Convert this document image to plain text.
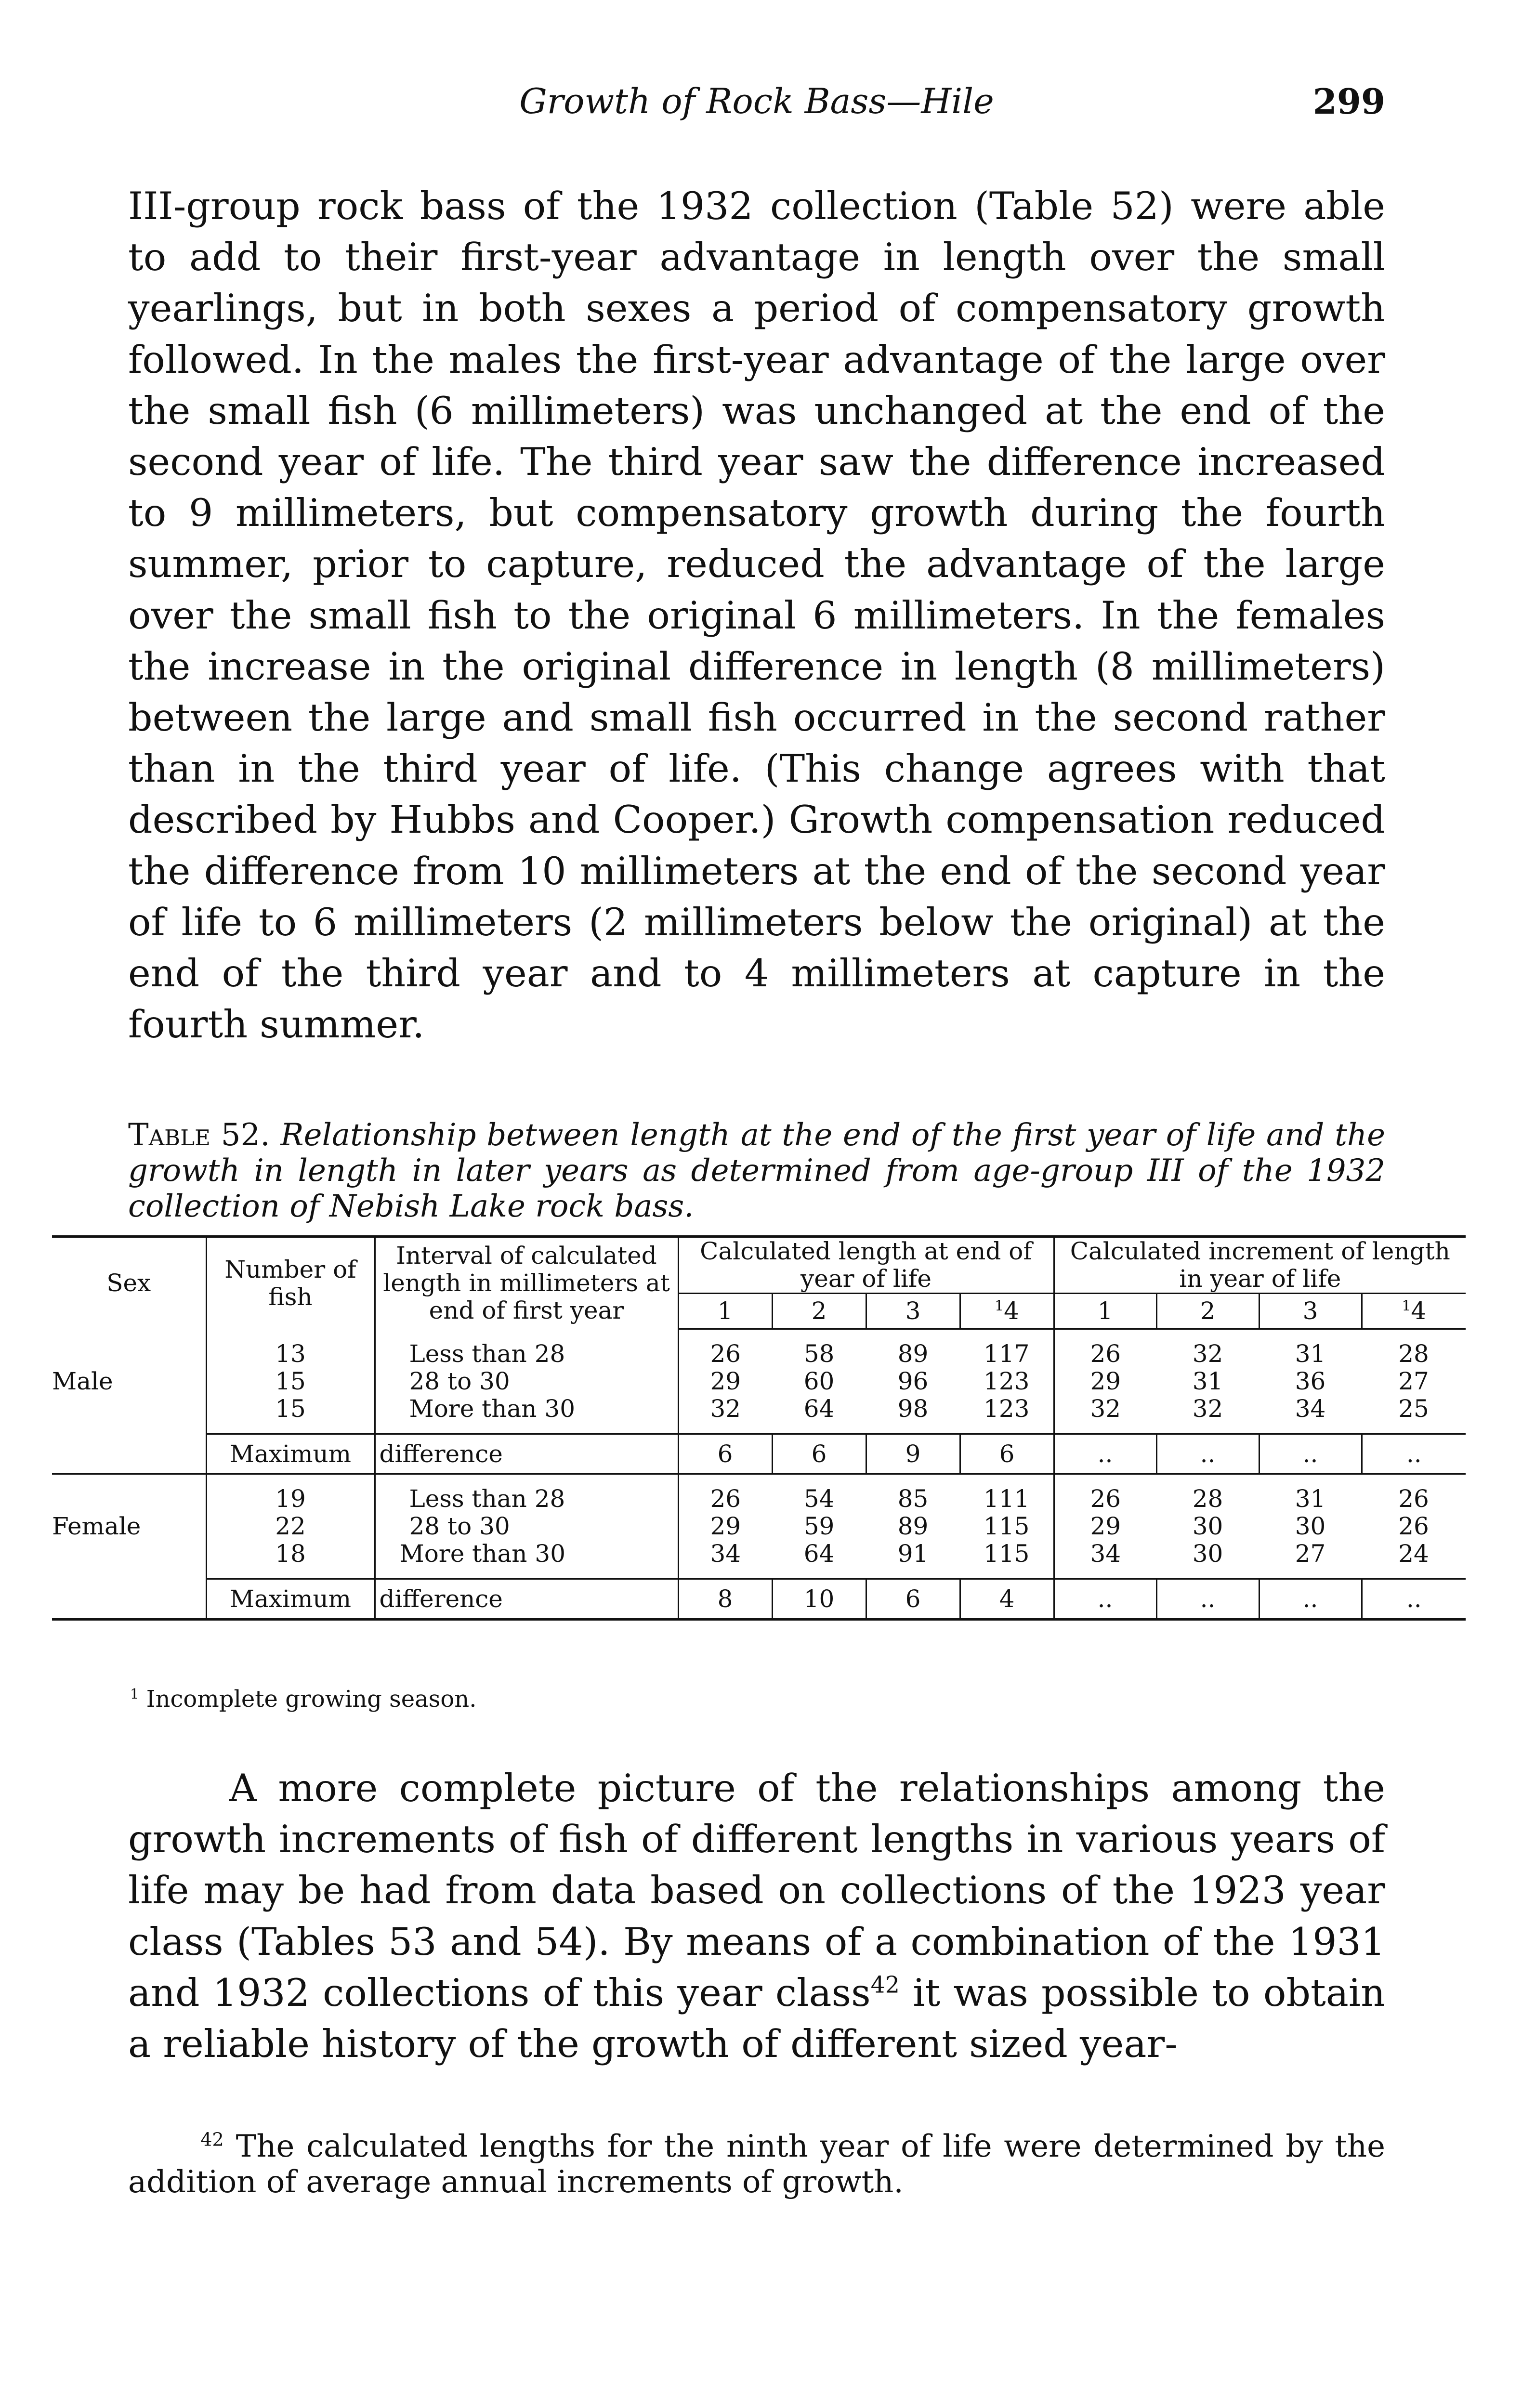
Growth of Rock Bass—Hile	299

III-group rock bass of the 1932 collection (Table 52) were able to add to their first-year advantage in length over the small yearlings, but in both sexes a period of compensatory growth followed. In the males the first-year advantage of the large over the small fish (6 millimeters) was unchanged at the end of the second year of life. The third year saw the difference increased to 9 millimeters, but compensatory growth during the fourth summer, prior to capture, reduced the advantage of the large over the small fish to the original 6 millimeters. In the females the increase in the original difference in length (8 millimeters) between the large and small fish occurred in the second rather than in the third year of life. (This change agrees with that described by Hubbs and Cooper.) Growth compensation reduced the difference from 10 millimeters at the end of the second year of life to 6 millimeters (2 millimeters below the original) at the end of the third year and to 4 millimeters at capture in the fourth summer.

Table 52. Relationship between length at the end of the first year of life and the growth in length in later years as determined from age-group III of the 1932 collection of Nebish Lake rock bass.
Sex	Number of fish	Interval of calculated length in millimeters at end of first year	Calculated length at end of year of life				Calculated increment of length in year of life			
			1	2	3	$^1$4	1	2	3	$^1$4

	13	Less than 28	26	58	89	117	26	32	31	28
Male	15	28 to 30	29	60	96	123	29	31	36	27
	15	More than 30	32	64	98	123	32	32	34	25

	Maximum	difference	6	6	9	6	..	..	..	..

	19	Less than 28	26	54	85	111	26	28	31	26
Female	22	28 to 30	29	59	89	115	29	30	30	26
	18	More than 30	34	64	91	115	34	30	27	24

	Maximum	difference	8	10	6	4	..	..	..	..
$^1$ Incomplete growing season.

A more complete picture of the relationships among the growth increments of fish of different lengths in various years of life may be had from data based on collections of the 1923 year class (Tables 53 and 54). By means of a combination of the 1931 and 1932 collections of this year class$^{42}$ it was possible to obtain a reliable history of the growth of different sized year-

$^{42}$ The calculated lengths for the ninth year of life were determined by the addition of average annual increments of growth.
